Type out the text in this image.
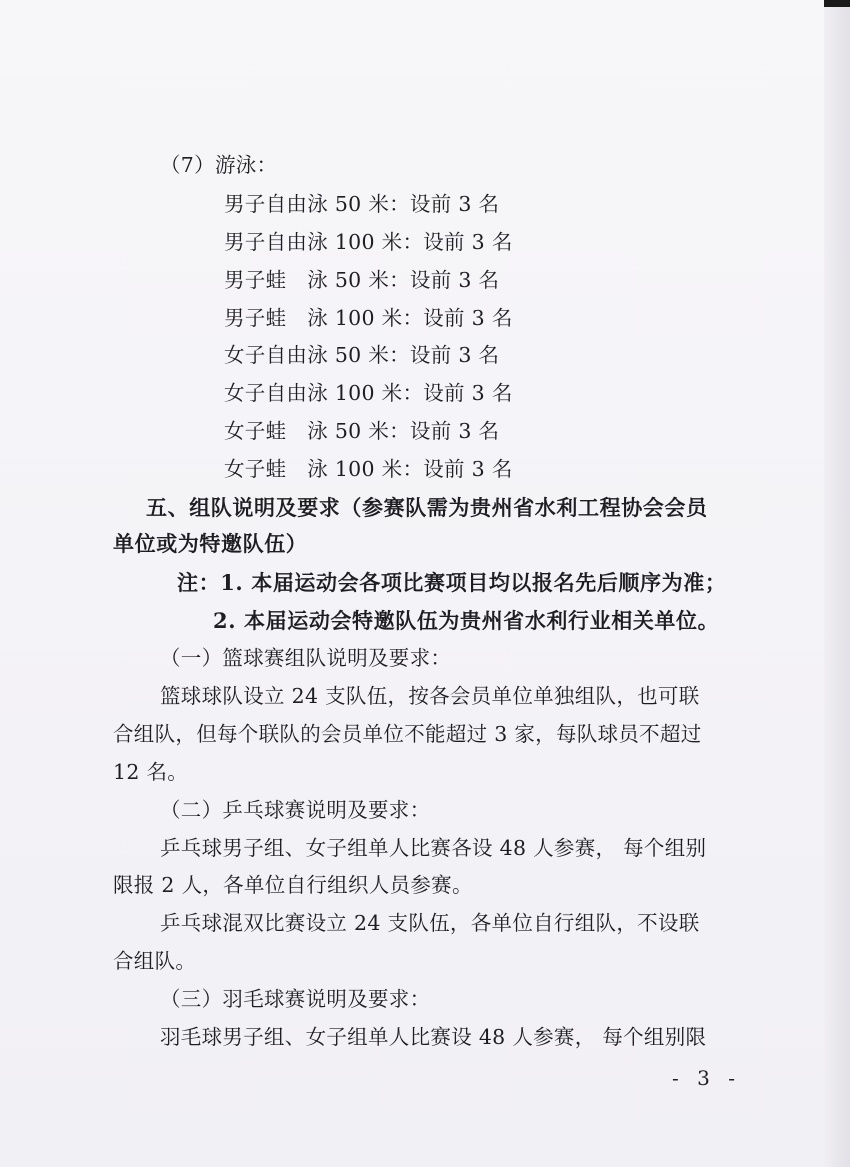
（7）游泳：
男子自由泳 50 米：设前 3 名
男子自由泳 100 米：设前 3 名
男子蛙　泳 50 米：设前 3 名
男子蛙　泳 100 米：设前 3 名
女子自由泳 50 米：设前 3 名
女子自由泳 100 米：设前 3 名
女子蛙　泳 50 米：设前 3 名
女子蛙　泳 100 米：设前 3 名
五、组队说明及要求（参赛队需为贵州省水利工程协会会员
单位或为特邀队伍）
注：1. 本届运动会各项比赛项目均以报名先后顺序为准；
2. 本届运动会特邀队伍为贵州省水利行业相关单位。
（一）篮球赛组队说明及要求：
篮球球队设立 24 支队伍，按各会员单位单独组队，也可联
合组队，但每个联队的会员单位不能超过 3 家，每队球员不超过
12 名。
（二）乒乓球赛说明及要求：
乒乓球男子组、女子组单人比赛各设 48 人参赛， 每个组别
限报 2 人，各单位自行组织人员参赛。
乒乓球混双比赛设立 24 支队伍，各单位自行组队，不设联
合组队。
（三）羽毛球赛说明及要求：
羽毛球男子组、女子组单人比赛设 48 人参赛， 每个组别限
- 3 -
